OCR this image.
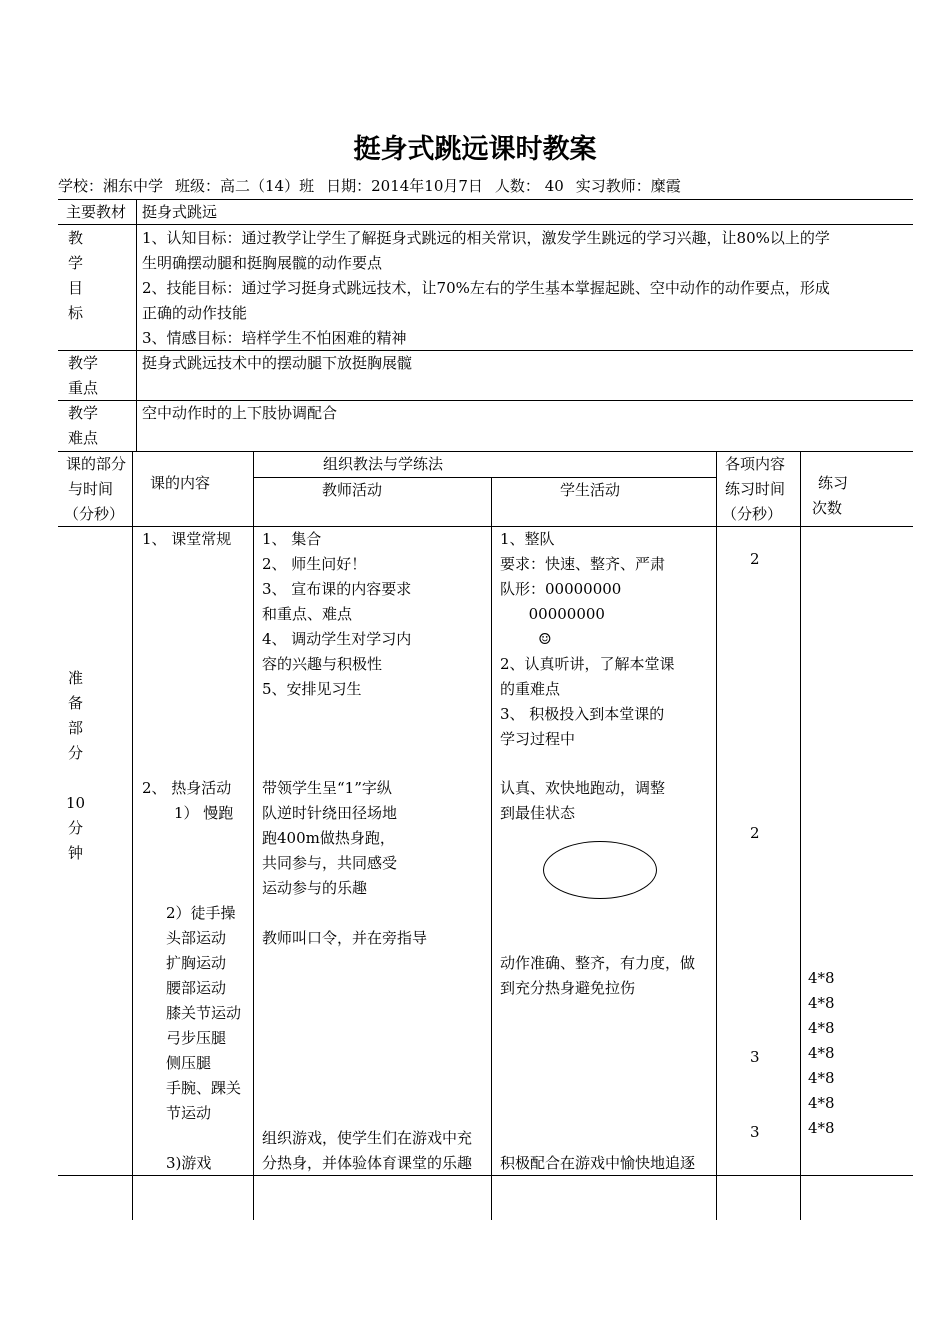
挺身式跳远课时教案
学校：湘东中学 班级：高二（14）班 日期：2014年10月7日 人数： 40 实习教师：糜霞
主要教材 挺身式跳远
教
学
目
标
1、认知目标：通过教学让学生了解挺身式跳远的相关常识，激发学生跳远的学习兴趣，让80%以上的学
生明确摆动腿和挺胸展髋的动作要点
2、技能目标：通过学习挺身式跳远技术，让70%左右的学生基本掌握起跳、空中动作的动作要点，形成
正确的动作技能
3、情感目标：培样学生不怕困难的精神
教学
重点
挺身式跳远技术中的摆动腿下放挺胸展髋
教学
难点
空中动作时的上下肢协调配合
课的部分
与时间
（分秒）
课的内容
组织教法与学练法
教师活动	学生活动
各项内容
练习时间
（分秒）
练习
次数
准
备
部
分
10
分
钟
1、 课堂常规
2、 热身活动
1） 慢跑
2）徒手操
头部运动
扩胸运动
腰部运动
膝关节运动
弓步压腿
侧压腿
手腕、踝关
节运动
3)游戏
1、 集合
2、 师生问好！
3、 宣布课的内容要求
和重点、难点
4、 调动学生对学习内
容的兴趣与积极性
5、安排见习生
带领学生呈“1”字纵
队逆时针绕田径场地
跑400m做热身跑，
共同参与，共同感受
运动参与的乐趣
教师叫口令，并在旁指导
组织游戏，使学生们在游戏中充
分热身，并体验体育课堂的乐趣
1、整队
要求：快速、整齐、严肃
队形：00000000
00000000
☺
2、认真听讲，了解本堂课
的重难点
3、 积极投入到本堂课的
学习过程中
认真、欢快地跑动，调整
到最佳状态
动作准确、整齐，有力度，做
到充分热身避免拉伤
积极配合在游戏中愉快地追逐
2
2
3
3
4*8
4*8
4*8
4*8
4*8
4*8
4*8
